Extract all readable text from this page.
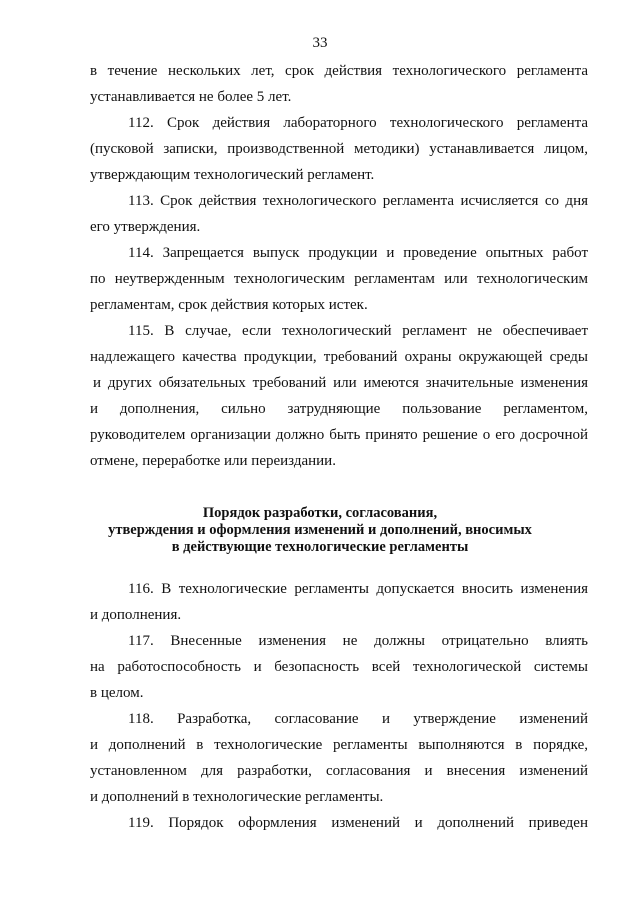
33
в течение нескольких лет, срок действия технологического регламента
устанавливается не более 5 лет.
112. Срок действия лабораторного технологического регламента
(пусковой записки, производственной методики) устанавливается лицом,
утверждающим технологический регламент.
113. Срок действия технологического регламента исчисляется со дня
его утверждения.
114. Запрещается выпуск продукции и проведение опытных работ
по неутвержденным технологическим регламентам или технологическим
регламентам, срок действия которых истек.
115. В случае, если технологический регламент не обеспечивает
надлежащего качества продукции, требований охраны окружающей среды
и других обязательных требований или имеются значительные изменения
и дополнения, сильно затрудняющие пользование регламентом,
руководителем организации должно быть принято решение о его досрочной
отмене, переработке или переиздании.
Порядок разработки, согласования,
утверждения и оформления изменений и дополнений, вносимых
в действующие технологические регламенты
116. В технологические регламенты допускается вносить изменения
и дополнения.
117. Внесенные изменения не должны отрицательно влиять
на работоспособность и безопасность всей технологической системы
в целом.
118. Разработка, согласование и утверждение изменений
и дополнений в технологические регламенты выполняются в порядке,
установленном для разработки, согласования и внесения изменений
и дополнений в технологические регламенты.
119. Порядок оформления изменений и дополнений приведен
